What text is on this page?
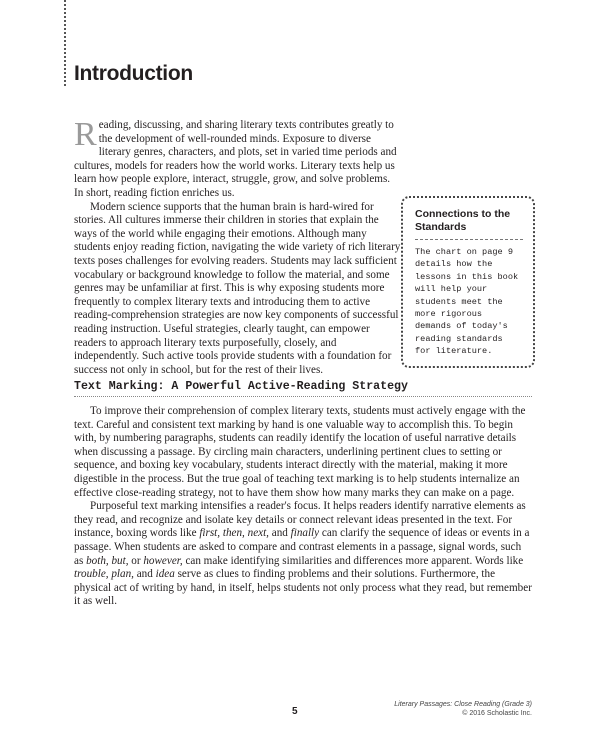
Introduction

Reading, discussing, and sharing literary texts contributes greatly to the development of well-rounded minds. Exposure to diverse literary genres, characters, and plots, set in varied time periods and cultures, models for readers how the world works. Literary texts help us learn how people explore, interact, struggle, grow, and solve problems. In short, reading fiction enriches us.

Modern science supports that the human brain is hard-wired for stories. All cultures immerse their children in stories that explain the ways of the world while engaging their emotions. Although many students enjoy reading fiction, navigating the wide variety of rich literary texts poses challenges for evolving readers. Students may lack sufficient vocabulary or background knowledge to follow the material, and some genres may be unfamiliar at first. This is why exposing students more frequently to complex literary texts and introducing them to active reading-comprehension strategies are now key components of successful reading instruction. Useful strategies, clearly taught, can empower readers to approach literary texts purposefully, closely, and independently. Such active tools provide students with a foundation for success not only in school, but for the rest of their lives.

Connections to the Standards
The chart on page 9 details how the lessons in this book will help your students meet the more rigorous demands of today's reading standards for literature.
Text Marking: A Powerful Active-Reading Strategy

To improve their comprehension of complex literary texts, students must actively engage with the text. Careful and consistent text marking by hand is one valuable way to accomplish this. To begin with, by numbering paragraphs, students can readily identify the location of useful narrative details when discussing a passage. By circling main characters, underlining pertinent clues to setting or sequence, and boxing key vocabulary, students interact directly with the material, making it more digestible in the process. But the true goal of teaching text marking is to help students internalize an effective close-reading strategy, not to have them show how many marks they can make on a page.

Purposeful text marking intensifies a reader's focus. It helps readers identify narrative elements as they read, and recognize and isolate key details or connect relevant ideas presented in the text. For instance, boxing words like first, then, next, and finally can clarify the sequence of ideas or events in a passage. When students are asked to compare and contrast elements in a passage, signal words, such as both, but, or however, can make identifying similarities and differences more apparent. Words like trouble, plan, and idea serve as clues to finding problems and their solutions. Furthermore, the physical act of writing by hand, in itself, helps students not only process what they read, but remember it as well.

5
Literary Passages: Close Reading (Grade 3)
© 2016 Scholastic Inc.
